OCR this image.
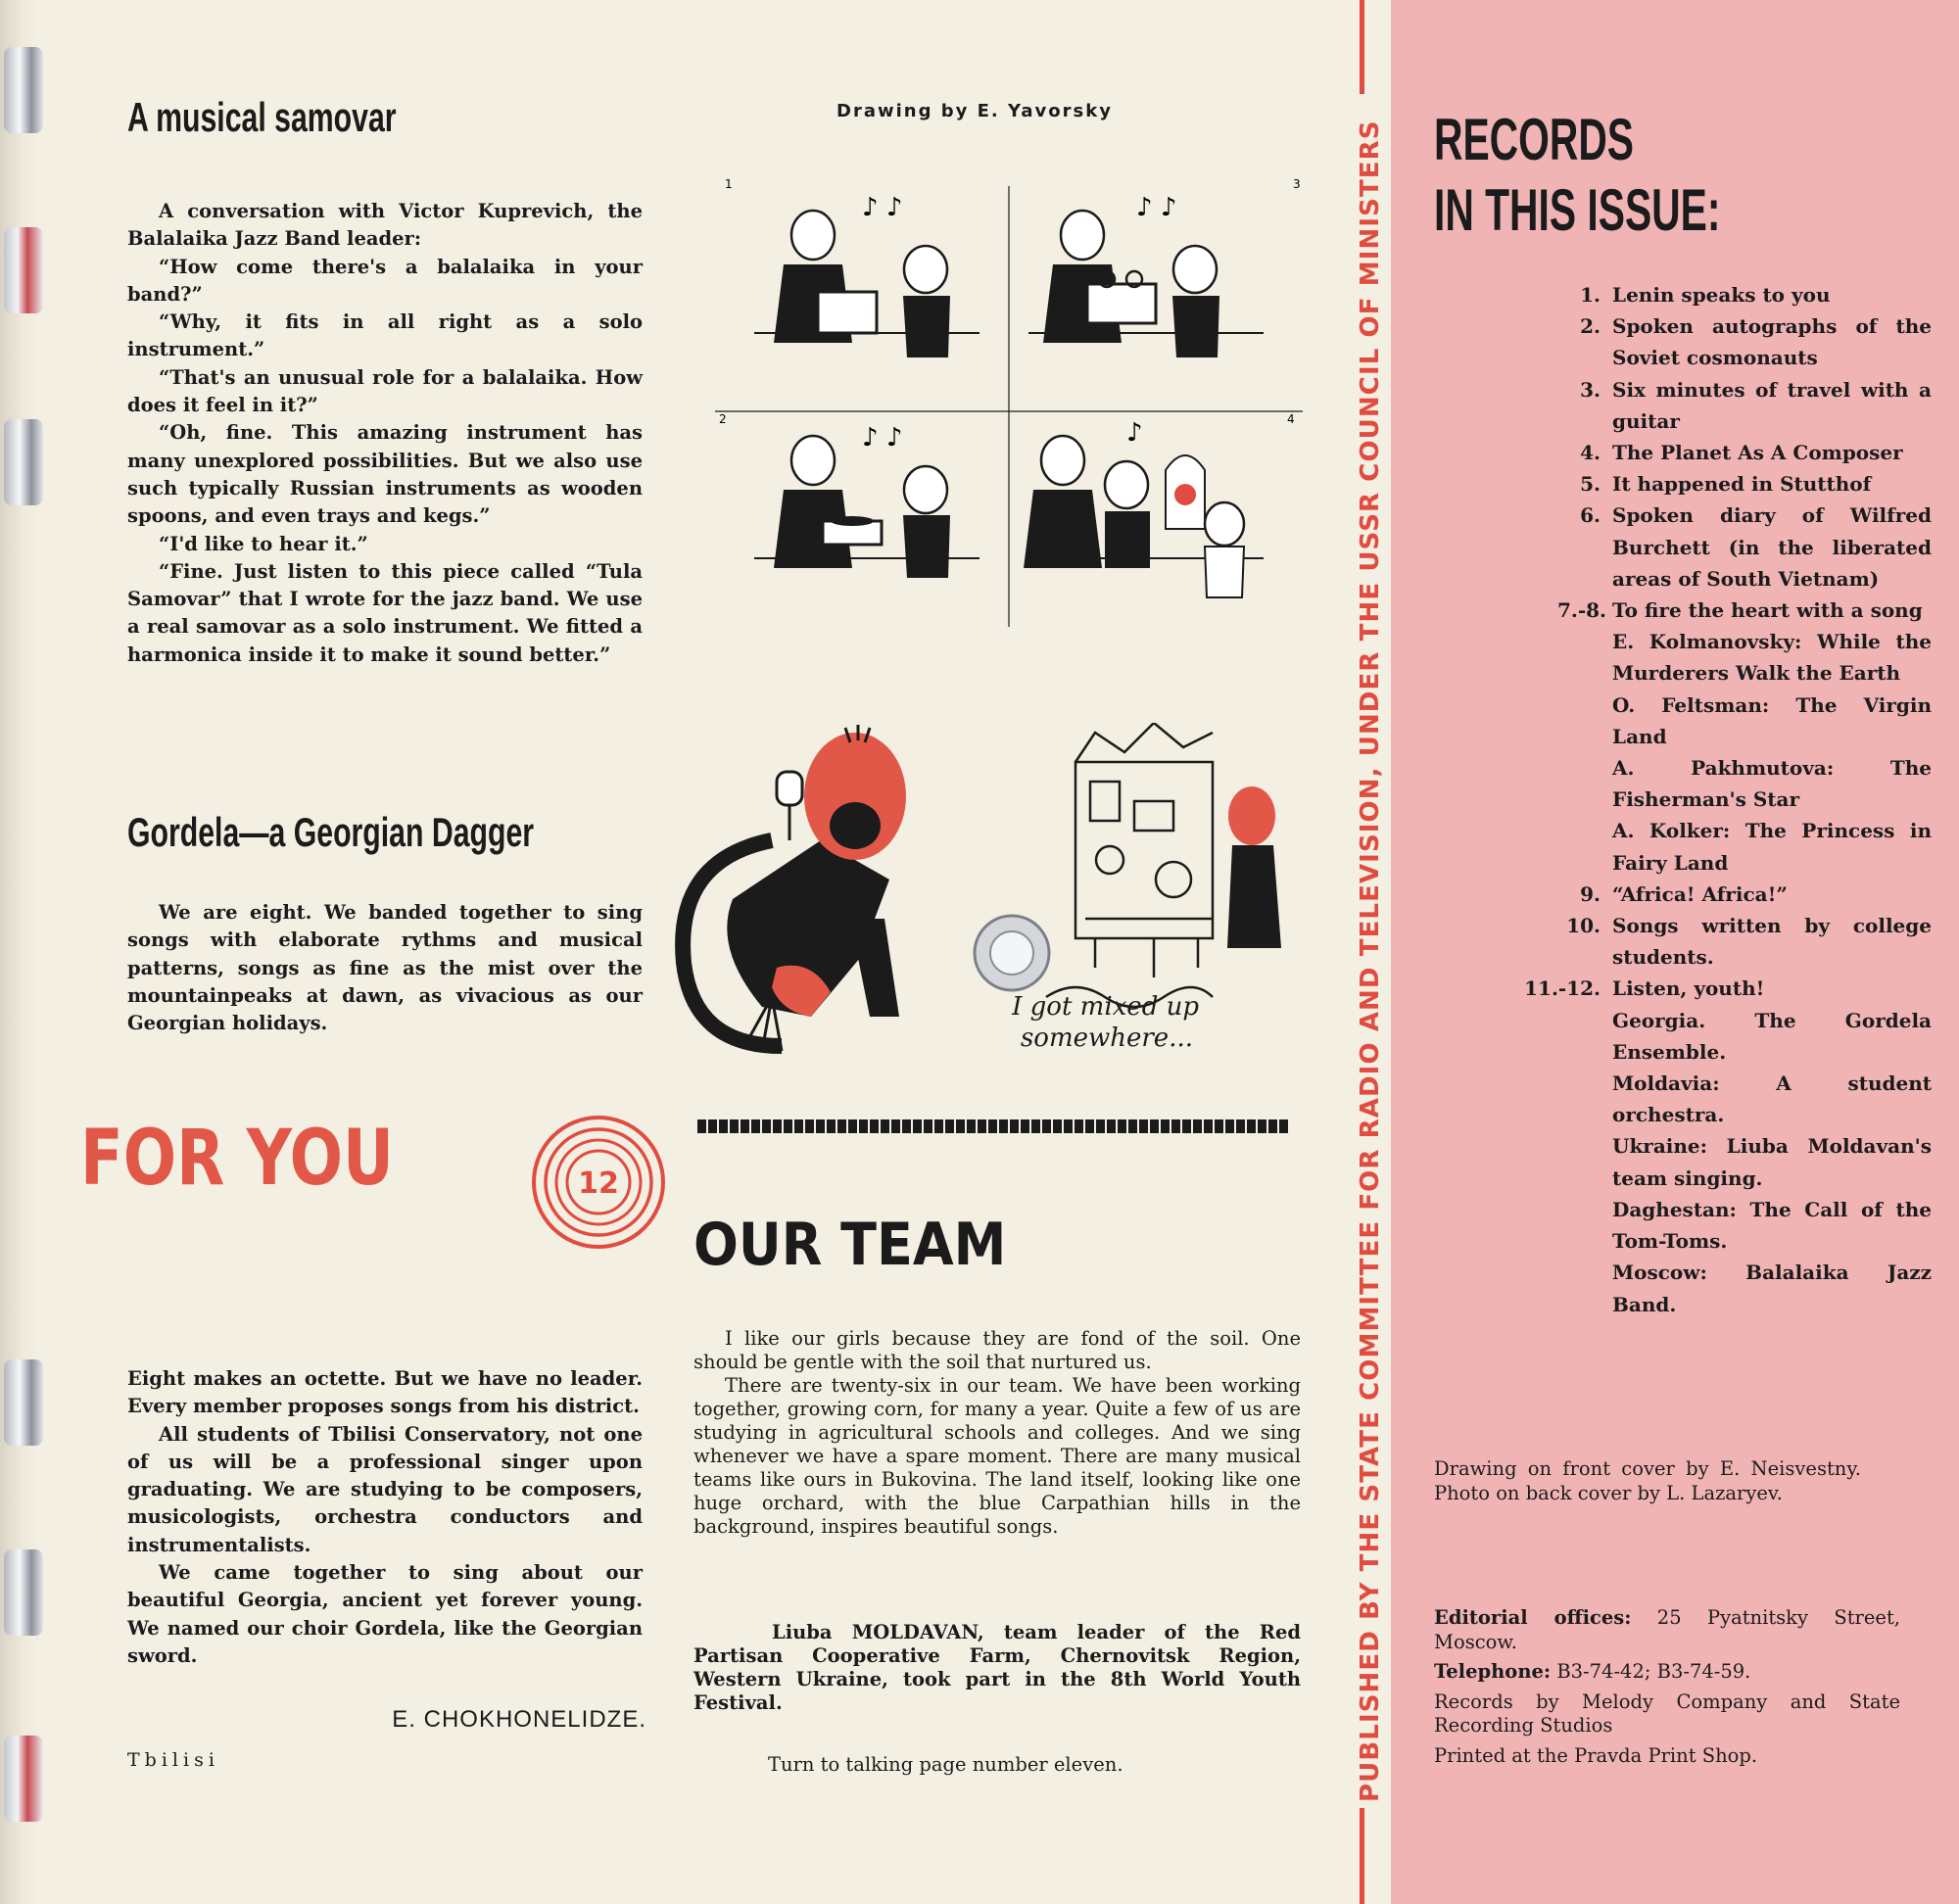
A musical samovar

A conversation with Victor Kuprevich, the Balalaika Jazz Band leader:

“How come there's a balalaika in your band?”

“Why, it fits in all right as a solo instrument.”

“That's an unusual role for a balalaika. How does it feel in it?”

“Oh, fine. This amazing instrument has many unexplored possibilities. But we also use such typically Russian instruments as wooden spoons, and even trays and kegs.”

“I'd like to hear it.”

“Fine. Just listen to this piece called “Tula Samovar” that I wrote for the jazz band. We use a real samovar as a solo instrument. We fitted a harmonica inside it to make it sound better.”

Gordela—a Georgian Dagger

We are eight. We banded together to sing songs with elaborate rythms and musical patterns, songs as fine as the mist over the mountainpeaks at dawn, as vivacious as our Georgian holidays.

FOR YOU	12

Eight makes an octette. But we have no leader. Every member proposes songs from his district.

All students of Tbilisi Conservatory, not one of us will be a professional singer upon graduating. We are studying to be composers, musicologists, orchestra conductors and instrumentalists.

We came together to sing about our beautiful Georgia, ancient yet forever young. We named our choir Gordela, like the Georgian sword.

E. CHOKHONELIDZE.
Tbilisi
Drawing by E. Yavorsky
1	3
2	4
♪ ♪	♪ ♪
♪ ♪	♪
I got mixed up
somewhere...
OUR TEAM

I like our girls because they are fond of the soil. One should be gentle with the soil that nurtured us.

There are twenty-six in our team. We have been working together, growing corn, for many a year. Quite a few of us are studying in agricultural schools and colleges. And we sing whenever we have a spare moment. There are many musical teams like ours in Bukovina. The land itself, looking like one huge orchard, with the blue Carpathian hills in the background, inspires beautiful songs.

Liuba MOLDAVAN, team leader of the Red Partisan Cooperative Farm, Chernovitsk Region, Western Ukraine, took part in the 8th World Youth Festival.
Turn to talking page number eleven.	PUBLISHED BY THE STATE COMMITTEE FOR RADIO AND TELEVISION, UNDER THE USSR COUNCIL OF MINISTERS RECORDS
IN THIS ISSUE:
1. Lenin speaks to you
2. Spoken autographs of the Soviet cosmonauts
3. Six minutes of travel with a guitar
4. The Planet As A Composer
5. It happened in Stutthof
6. Spoken diary of Wilfred Burchett (in the liberated areas of South Vietnam)
7.-8. To fire the heart with a song
E. Kolmanovsky: While the Murderers Walk the Earth
O. Feltsman: The Virgin Land
A. Pakhmutova: The Fisherman's Star
A. Kolker: The Princess in Fairy Land
9. “Africa! Africa!”
10. Songs written by college students.
11.-12. Listen, youth!
Georgia. The Gordela Ensemble.
Moldavia: A student orchestra.
Ukraine: Liuba Moldavan's team singing.
Daghestan: The Call of the Tom-Toms.
Moscow: Balalaika Jazz Band.
Drawing on front cover by E. Neisvestny. Photo on back cover by L. Lazaryev.
Editorial offices: 25 Pyatnitsky Street, Moscow.
Telephone: B3-74-42; B3-74-59.
Records by Melody Company and State Recording Studios
Printed at the Pravda Print Shop.
